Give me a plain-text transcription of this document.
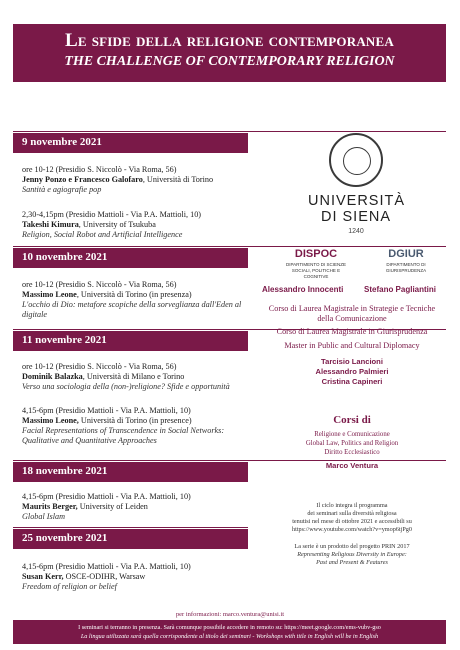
Le sfide della religione contemporanea
THE CHALLENGE OF CONTEMPORARY RELIGION
9 novembre 2021
ore 10-12 (Presidio S. Niccolò - Via Roma, 56)
Jenny Ponzo e Francesco Galofaro, Università di Torino
Santità e agiografie pop
2,30-4,15pm (Presidio Mattioli - Via P.A. Mattioli, 10)
Takeshi Kimura, University of Tsukuba
Religion, Social Robot and Artificial Intelligence
10 novembre 2021
ore 10-12 (Presidio S. Niccolò - Via Roma, 56)
Massimo Leone, Università di Torino (in presenza)
L'occhio di Dio: metafore scopiche della sorveglianza dall'Eden al digitale
11 novembre 2021
ore 10-12 (Presidio S. Niccolò - Via Roma, 56)
Dominik Balazka, Università di Milano e Torino
Verso una sociologia della (non-)religione? Sfide e opportunità
4,15-6pm (Presidio Mattioli - Via P.A. Mattioli, 10)
Massimo Leone, Università di Torino (in presence)
Facial Representations of Transcendence in Social Networks: Qualitative and Quantitative Approaches
18 novembre 2021
4,15-6pm (Presidio Mattioli - Via P.A. Mattioli, 10)
Maurits Berger, University of Leiden
Global Islam
25 novembre 2021
4,15-6pm (Presidio Mattioli - Via P.A. Mattioli, 10)
Susan Kerr, OSCE-ODIHR, Warsaw
Freedom of religion or belief
UNIVERSITÀ
DI SIENA
1240
DISPOC
DIPARTIMENTO DI SCIENZE SOCIALI, POLITICHE E COGNITIVE
DGIUR
DIPARTIMENTO DI GIURISPRUDENZA
Alessandro Innocenti	Stefano Pagliantini
Corso di Laurea Magistrale in Strategie e Tecniche della Comunicazione
Corso di Laurea Magistrale in Giurisprudenza
Master in Public and Cultural Diplomacy
Tarcisio Lancioni
Alessandro Palmieri
Cristina Capineri
Corsi di
Religione e Comunicazione
Global Law, Politics and Religion
Diritto Ecclesiastico
Marco Ventura
Il ciclo integra il programma
dei seminari sulla diversità religiosa
tenutisi nel mese di ottobre 2021 e accessibili su
https://www.youtube.com/watch?v=ymop6tjPg0
La serie è un prodotto del progetto PRIN 2017
Representing Religious Diversity in Europe:
Past and Present & Features
per informazioni: marco.ventura@unisi.it
I seminari si terranno in presenza. Sarà comunque possibile accedere in remoto su: https://meet.google.com/ems-vubv-gso
La lingua utilizzata sarà quella corrispondente al titolo dei seminari - Workshops with title in English will be in English
